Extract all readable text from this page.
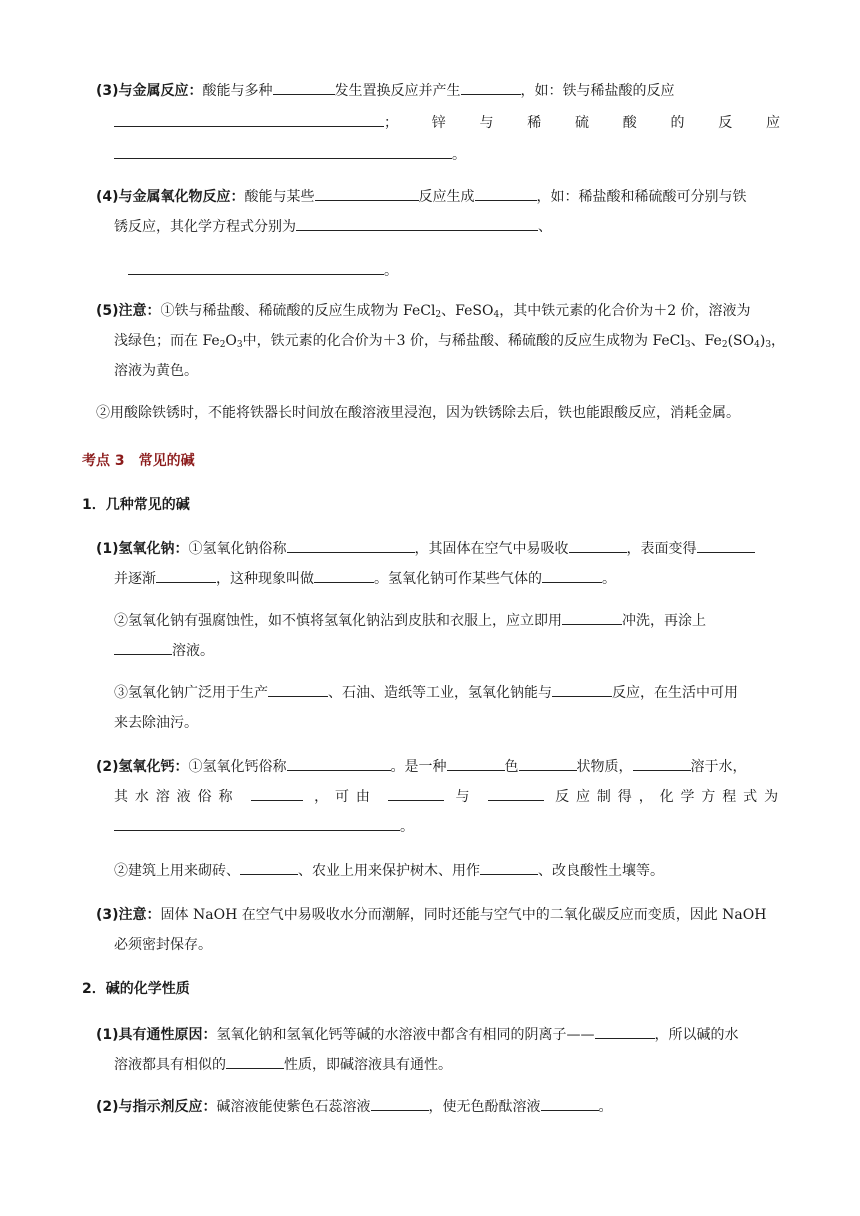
(3)与金属反应：酸能与多种	发生置换反应并产生	，如：铁与稀盐酸的反应

；锌与稀硫酸的反应

。

(4)与金属氧化物反应：酸能与某些	反应生成	，如：稀盐酸和稀硫酸可分别与铁

锈反应，其化学方程式分别为	、

。

(5)注意：①铁与稀盐酸、稀硫酸的反应生成物为 FeCl$_2$、FeSO$_4$，其中铁元素的化合价为＋2 价，溶液为

浅绿色；而在 $Fe_2O_3$中，铁元素的化合价为＋3 价，与稀盐酸、稀硫酸的反应生成物为 FeCl$_3$、$Fe_2(SO_4)_3$，

溶液为黄色。

②用酸除铁锈时，不能将铁器长时间放在酸溶液里浸泡，因为铁锈除去后，铁也能跟酸反应，消耗金属。

考点 3　常见的碱

1．几种常见的碱

(1)氢氧化钠：①氢氧化钠俗称	，其固体在空气中易吸收	，表面变得

并逐渐	，这种现象叫做	。氢氧化钠可作某些气体的	。

②氢氧化钠有强腐蚀性，如不慎将氢氧化钠沾到皮肤和衣服上，应立即用	冲洗，再涂上

溶液。

③氢氧化钠广泛用于生产	、石油、造纸等工业，氢氧化钠能与	反应，在生活中可用

来去除油污。

(2)氢氧化钙：①氢氧化钙俗称	。是一种	色	状物质，	溶于水，

其水溶液俗称	，可由	与	反应制得，化学方程式为

。

②建筑上用来砌砖、	、农业上用来保护树木、用作	、改良酸性土壤等。

(3)注意：固体 NaOH 在空气中易吸收水分而潮解，同时还能与空气中的二氧化碳反应而变质，因此 NaOH

必须密封保存。

2．碱的化学性质

(1)具有通性原因：氢氧化钠和氢氧化钙等碱的水溶液中都含有相同的阴离子——	，所以碱的水

溶液都具有相似的	性质，即碱溶液具有通性。

(2)与指示剂反应：碱溶液能使紫色石蕊溶液	，使无色酚酞溶液	。
